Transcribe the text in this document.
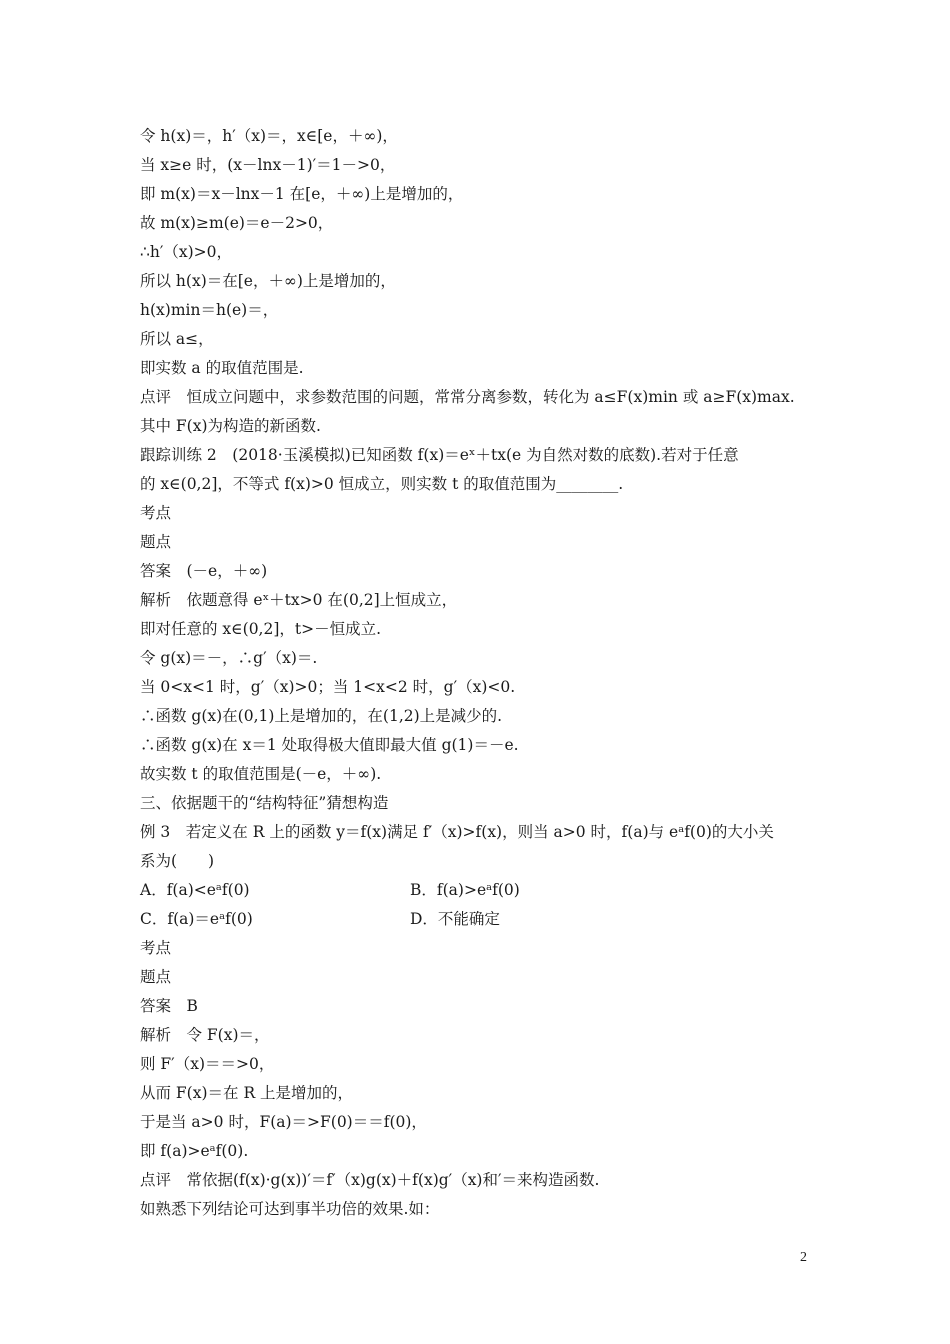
令 h(x)＝，h′（x)＝，x∈[e，＋∞)，
当 x≥e 时，(x－lnx－1)′＝1－>0，
即 m(x)＝x－lnx－1 在[e，＋∞)上是增加的，
故 m(x)≥m(e)＝e－2>0，
∴h′（x)>0，
所以 h(x)＝在[e，＋∞)上是增加的，
h(x)min＝h(e)＝，
所以 a≤，
即实数 a 的取值范围是.
点评　恒成立问题中，求参数范围的问题，常常分离参数，转化为 a≤F(x)min 或 a≥F(x)max.
其中 F(x)为构造的新函数.
跟踪训练 2　(2018·玉溪模拟)已知函数 f(x)＝eˣ＋tx(e 为自然对数的底数).若对于任意
的 x∈(0,2]，不等式 f(x)>0 恒成立，则实数 t 的取值范围为________.
考点
题点
答案　(－e，＋∞)
解析　依题意得 eˣ＋tx>0 在(0,2]上恒成立，
即对任意的 x∈(0,2]，t>－恒成立.
令 g(x)＝－，∴g′（x)＝.
当 0<x<1 时，g′（x)>0；当 1<x<2 时，g′（x)<0.
∴函数 g(x)在(0,1)上是增加的，在(1,2)上是减少的.
∴函数 g(x)在 x＝1 处取得极大值即最大值 g(1)＝－e.
故实数 t 的取值范围是(－e，＋∞).
三、依据题干的“结构特征”猜想构造
例 3　若定义在 R 上的函数 y＝f(x)满足 f′（x)>f(x)，则当 a>0 时，f(a)与 eᵃf(0)的大小关
系为(　　)
A．f(a)<eᵃf(0)	B．f(a)>eᵃf(0)
C．f(a)＝eᵃf(0)	D．不能确定
考点
题点
答案　B
解析　令 F(x)＝，
则 F′（x)＝＝>0，
从而 F(x)＝在 R 上是增加的，
于是当 a>0 时，F(a)＝>F(0)＝＝f(0)，
即 f(a)>eᵃf(0).
点评　常依据(f(x)·g(x))′＝f′（x)g(x)＋f(x)g′（x)和′＝来构造函数.
如熟悉下列结论可达到事半功倍的效果.如：
2
